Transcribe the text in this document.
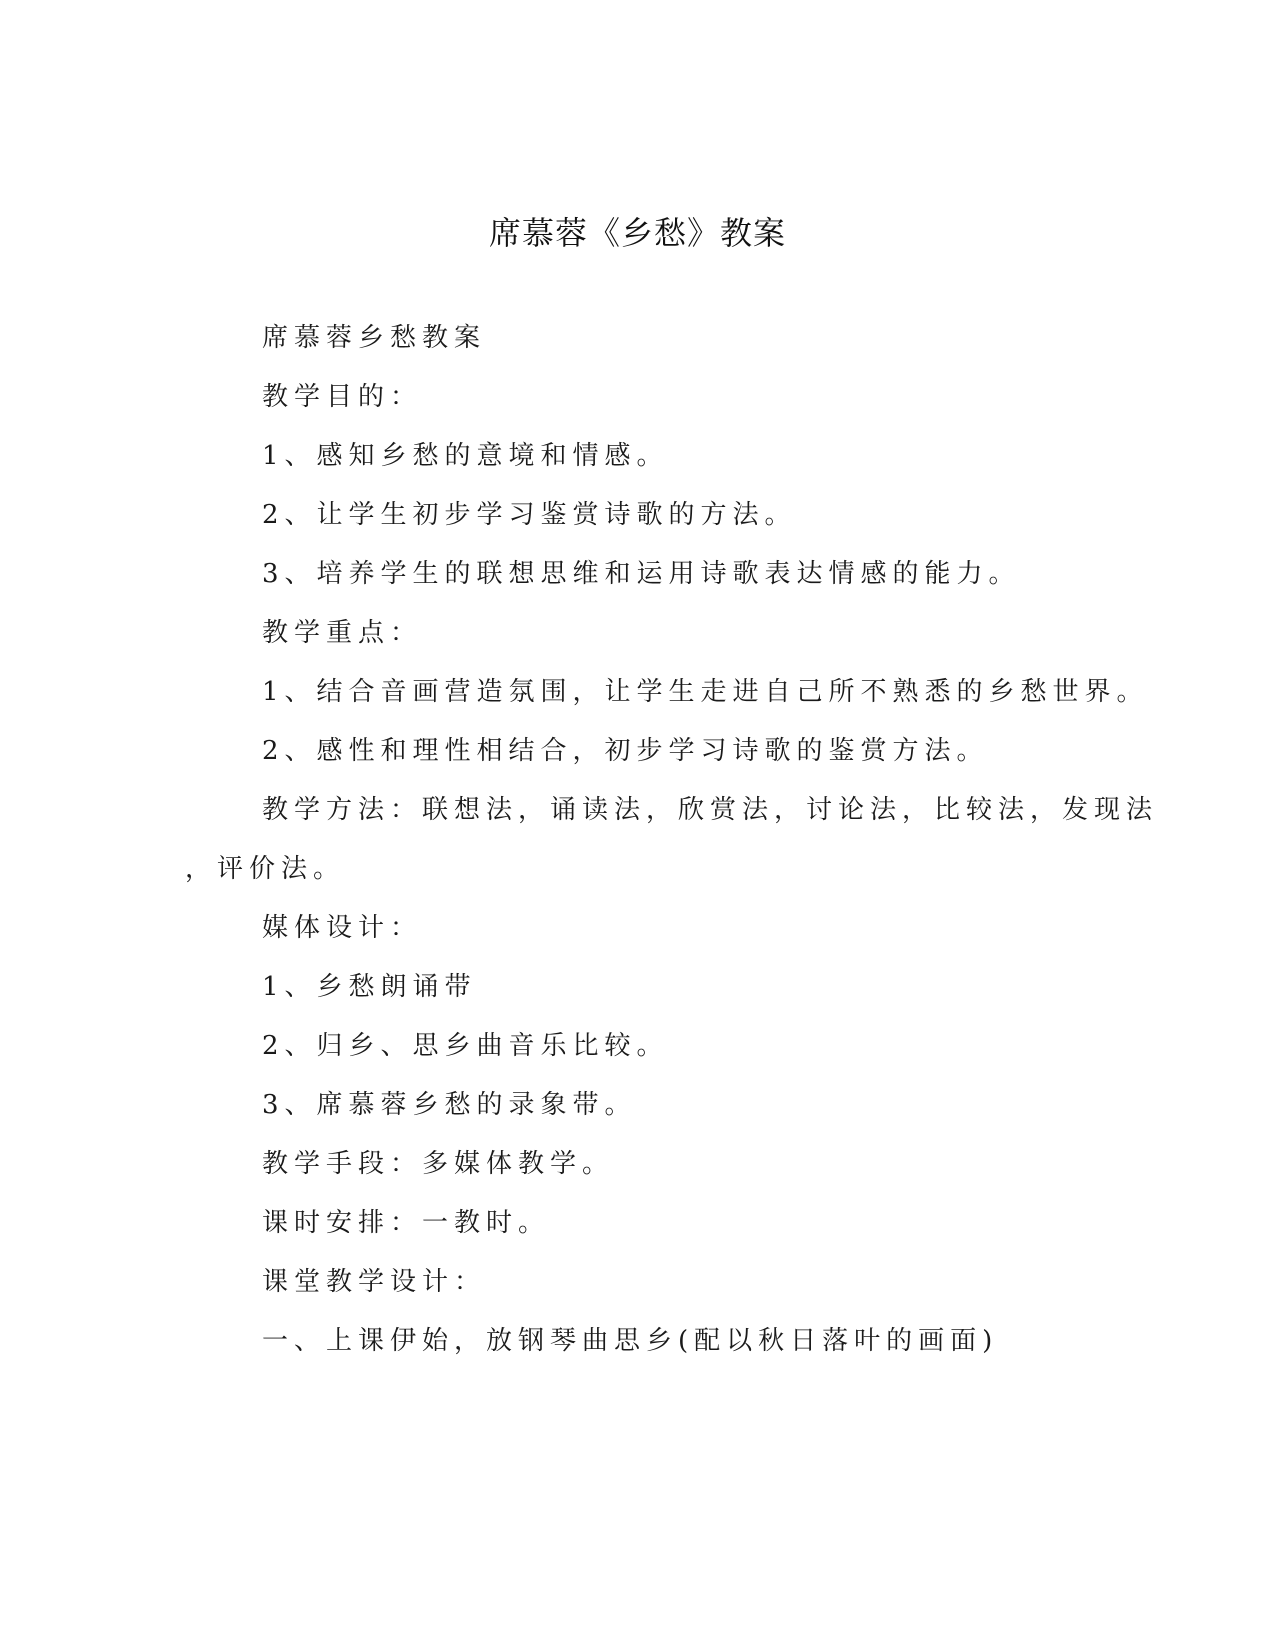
席慕蓉《乡愁》教案
席慕蓉乡愁教案
教学目的：
1、感知乡愁的意境和情感。
2、让学生初步学习鉴赏诗歌的方法。
3、培养学生的联想思维和运用诗歌表达情感的能力。
教学重点：
1、结合音画营造氛围，让学生走进自己所不熟悉的乡愁世界。
2、感性和理性相结合，初步学习诗歌的鉴赏方法。
教学方法：联想法，诵读法，欣赏法，讨论法，比较法，发现法
，评价法。
媒体设计：
1、乡愁朗诵带
2、归乡、思乡曲音乐比较。
3、席慕蓉乡愁的录象带。
教学手段：多媒体教学。
课时安排：一教时。
课堂教学设计：
一、上课伊始，放钢琴曲思乡(配以秋日落叶的画面)
